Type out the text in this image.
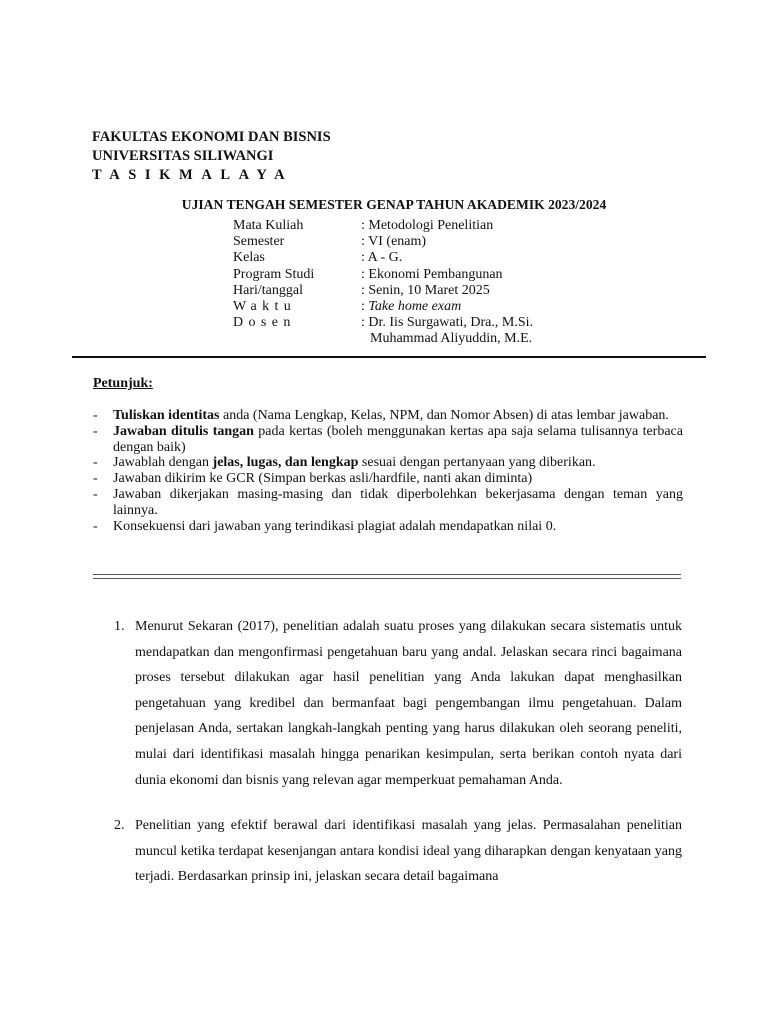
FAKULTAS EKONOMI DAN BISNIS
UNIVERSITAS SILIWANGI
TASIKMALAYA
UJIAN TENGAH SEMESTER GENAP TAHUN AKADEMIK 2023/2024
Mata Kuliah	: Metodologi Penelitian
Semester	: VI (enam)
Kelas	: A - G.
Program Studi	: Ekonomi Pembangunan
Hari/tanggal	: Senin, 10 Maret 2025
Waktu	: Take home exam
Dosen	: Dr. Iis Surgawati, Dra., M.Si.
Muhammad Aliyuddin, M.E.
Petunjuk:
- Tuliskan identitas anda (Nama Lengkap, Kelas, NPM, dan Nomor Absen) di atas lembar jawaban.
- Jawaban ditulis tangan pada kertas (boleh menggunakan kertas apa saja selama tulisannya terbaca dengan baik)
- Jawablah dengan jelas, lugas, dan lengkap sesuai dengan pertanyaan yang diberikan.
- Jawaban dikirim ke GCR (Simpan berkas asli/hardfile, nanti akan diminta)
- Jawaban dikerjakan masing-masing dan tidak diperbolehkan bekerjasama dengan teman yang lainnya.
- Konsekuensi dari jawaban yang terindikasi plagiat adalah mendapatkan nilai 0.
1. Menurut Sekaran (2017), penelitian adalah suatu proses yang dilakukan secara sistematis untuk mendapatkan dan mengonfirmasi pengetahuan baru yang andal. Jelaskan secara rinci bagaimana proses tersebut dilakukan agar hasil penelitian yang Anda lakukan dapat menghasilkan pengetahuan yang kredibel dan bermanfaat bagi pengembangan ilmu pengetahuan. Dalam penjelasan Anda, sertakan langkah-langkah penting yang harus dilakukan oleh seorang peneliti, mulai dari identifikasi masalah hingga penarikan kesimpulan, serta berikan contoh nyata dari dunia ekonomi dan bisnis yang relevan agar memperkuat pemahaman Anda.
2. Penelitian yang efektif berawal dari identifikasi masalah yang jelas. Permasalahan penelitian muncul ketika terdapat kesenjangan antara kondisi ideal yang diharapkan dengan kenyataan yang terjadi. Berdasarkan prinsip ini, jelaskan secara detail bagaimana
